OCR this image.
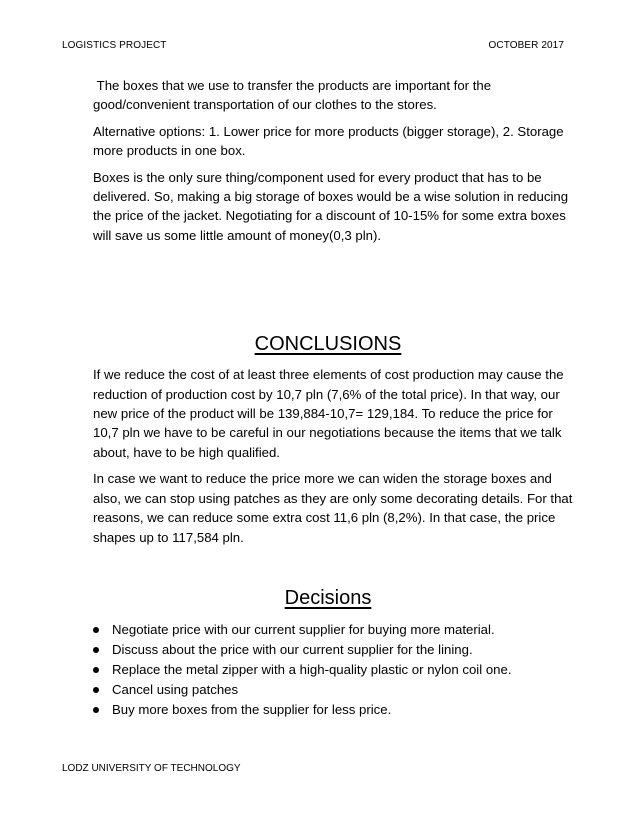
LOGISTICS PROJECT	OCTOBER 2017

The boxes that we use to transfer the products are important for the good/convenient transportation of our clothes to the stores.

Alternative options: 1. Lower price for more products (bigger storage), 2. Storage more products in one box.

Boxes is the only sure thing/component used for every product that has to be delivered. So, making a big storage of boxes would be a wise solution in reducing the price of the jacket. Negotiating for a discount of 10-15% for some extra boxes will save us some little amount of money(0,3 pln).

CONCLUSIONS

If we reduce the cost of at least three elements of cost production may cause the reduction of production cost by 10,7 pln (7,6% of the total price). In that way, our new price of the product will be 139,884-10,7= 129,184. To reduce the price for 10,7 pln we have to be careful in our negotiations because the items that we talk about, have to be high qualified.

In case we want to reduce the price more we can widen the storage boxes and also, we can stop using patches as they are only some decorating details. For that reasons, we can reduce some extra cost 11,6 pln (8,2%). In that case, the price shapes up to 117,584 pln.

Decisions
Negotiate price with our current supplier for buying more material.
Discuss about the price with our current supplier for the lining.
Replace the metal zipper with a high-quality plastic or nylon coil one.
Cancel using patches
Buy more boxes from the supplier for less price.
LODZ UNIVERSITY OF TECHNOLOGY
